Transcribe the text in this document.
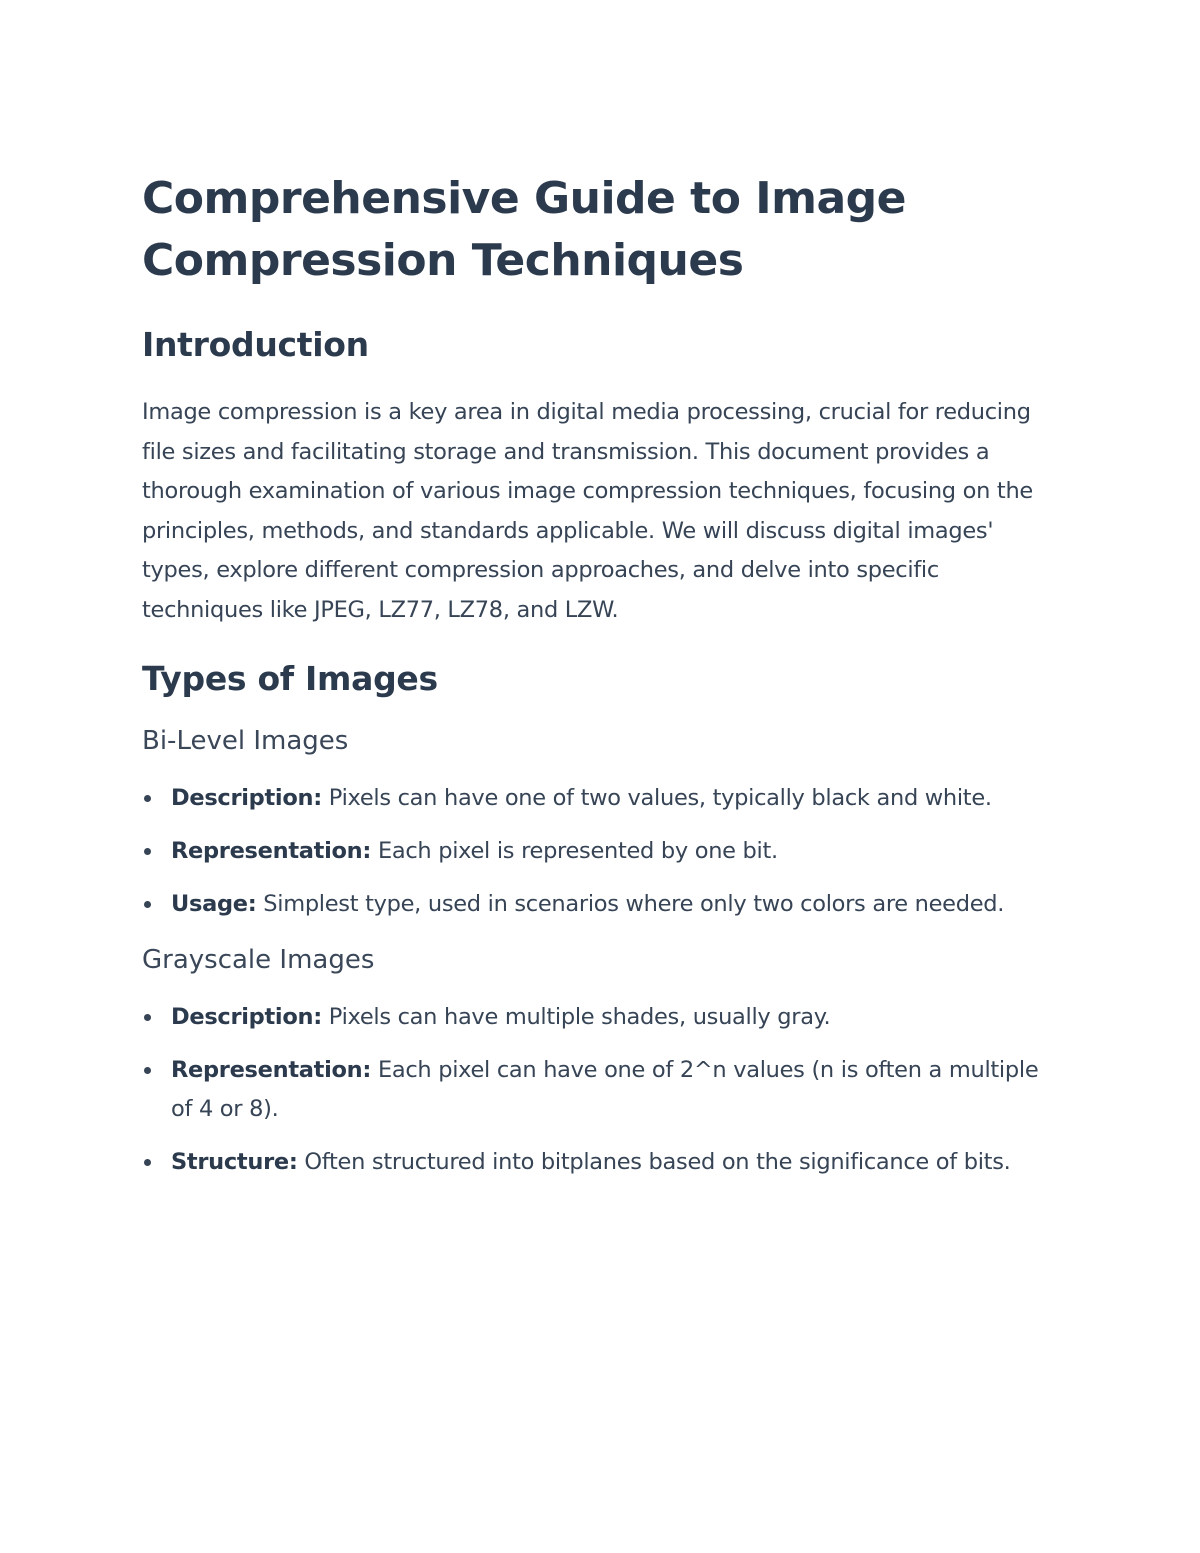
Comprehensive Guide to Image Compression Techniques
Introduction

Image compression is a key area in digital media processing, crucial for reducing file sizes and facilitating storage and transmission. This document provides a thorough examination of various image compression techniques, focusing on the principles, methods, and standards applicable. We will discuss digital images' types, explore different compression approaches, and delve into specific techniques like JPEG, LZ77, LZ78, and LZW.

Types of Images
Bi-Level Images
Description: Pixels can have one of two values, typically black and white.
Representation: Each pixel is represented by one bit.
Usage: Simplest type, used in scenarios where only two colors are needed.
Grayscale Images
Description: Pixels can have multiple shades, usually gray.
Representation: Each pixel can have one of 2^n values (n is often a multiple of 4 or 8).
Structure: Often structured into bitplanes based on the significance of bits.
